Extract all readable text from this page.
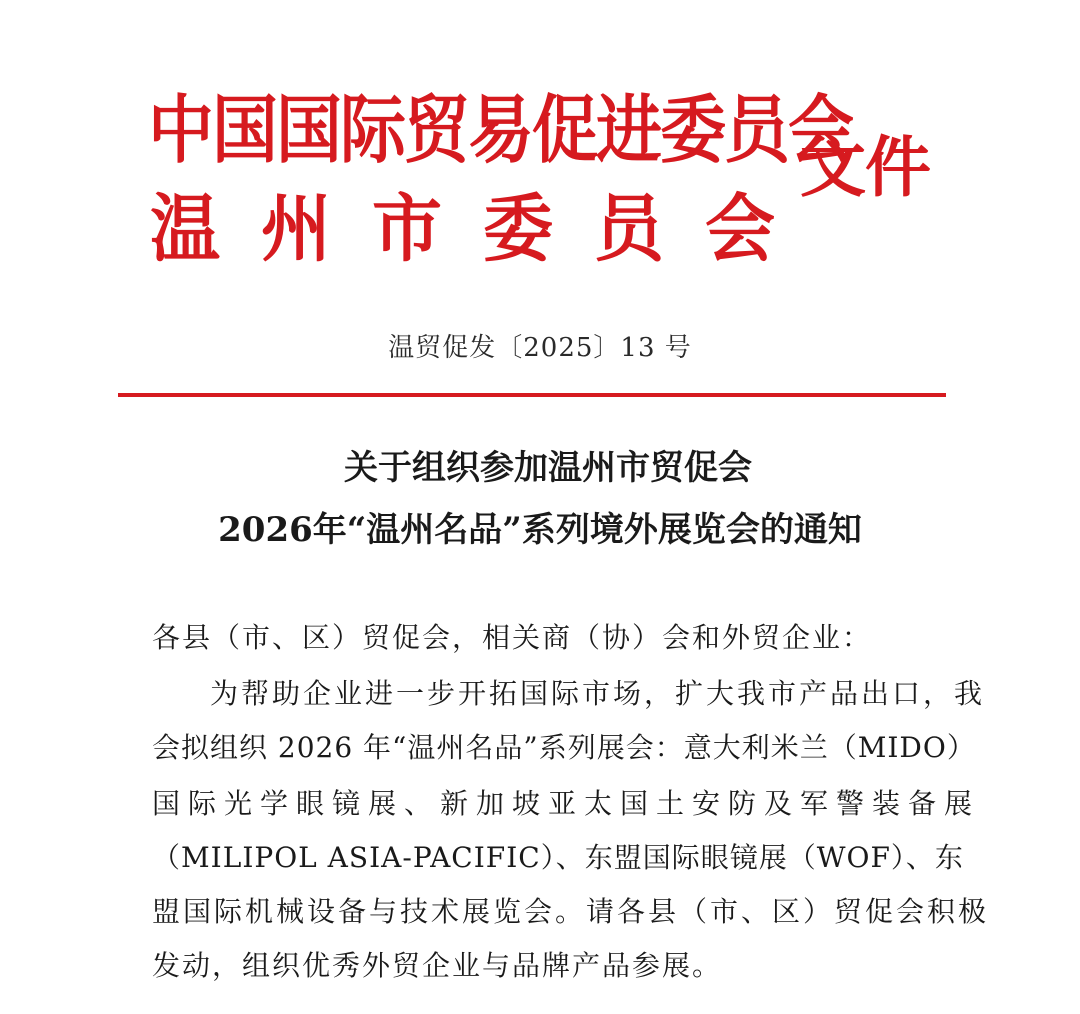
中国国际贸易促进委员会
温州市委员会
文件
温贸促发〔2025〕13 号
关于组织参加温州市贸促会
2026年“温州名品”系列境外展览会的通知
各县（市、区）贸促会，相关商（协）会和外贸企业：
为帮助企业进一步开拓国际市场，扩大我市产品出口，我
会拟组织 2026 年“温州名品”系列展会：意大利米兰（MIDO）
国际光学眼镜展、新加坡亚太国土安防及军警装备展
（MILIPOL ASIA-PACIFIC）、东盟国际眼镜展（WOF）、东
盟国际机械设备与技术展览会。请各县（市、区）贸促会积极
发动，组织优秀外贸企业与品牌产品参展。
